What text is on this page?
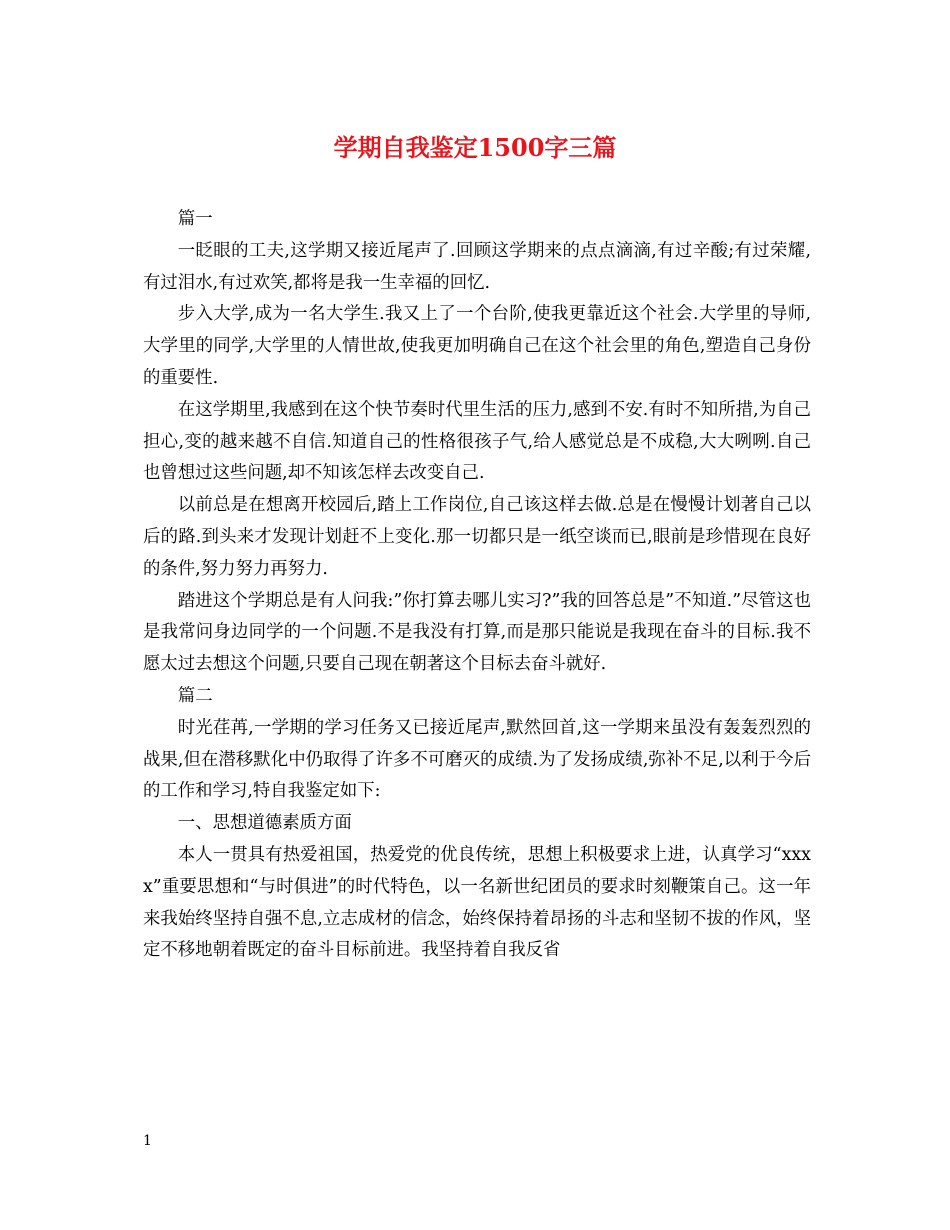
学期自我鉴定1500字三篇

篇一

一眨眼的工夫,这学期又接近尾声了.回顾这学期来的点点滴滴,有过辛酸;有过荣耀,有过泪水,有过欢笑,都将是我一生幸福的回忆.

步入大学,成为一名大学生.我又上了一个台阶,使我更靠近这个社会.大学里的导师,大学里的同学,大学里的人情世故,使我更加明确自己在这个社会里的角色,塑造自己身份的重要性.

在这学期里,我感到在这个快节奏时代里生活的压力,感到不安.有时不知所措,为自己担心,变的越来越不自信.知道自己的性格很孩子气,给人感觉总是不成稳,大大咧咧.自己也曾想过这些问题,却不知该怎样去改变自己.

以前总是在想离开校园后,踏上工作岗位,自己该这样去做.总是在慢慢计划著自己以后的路.到头来才发现计划赶不上变化.那一切都只是一纸空谈而已,眼前是珍惜现在良好的条件,努力努力再努力.

踏进这个学期总是有人问我:”你打算去哪儿实习?”我的回答总是”不知道.”尽管这也是我常问身边同学的一个问题.不是我没有打算,而是那只能说是我现在奋斗的目标.我不愿太过去想这个问题,只要自己现在朝著这个目标去奋斗就好.

篇二

时光荏苒,一学期的学习任务又已接近尾声,默然回首,这一学期来虽没有轰轰烈烈的战果,但在潜移默化中仍取得了许多不可磨灭的成绩.为了发扬成绩,弥补不足,以利于今后的工作和学习,特自我鉴定如下:

一、思想道德素质方面

本人一贯具有热爱祖国，热爱党的优良传统，思想上积极要求上进，认真学习“xxxx”重要思想和“与时俱进”的时代特色，以一名新世纪团员的要求时刻鞭策自己。这一年来我始终坚持自强不息,立志成材的信念，始终保持着昂扬的斗志和坚韧不拔的作风，坚定不移地朝着既定的奋斗目标前进。我坚持着自我反省

1
